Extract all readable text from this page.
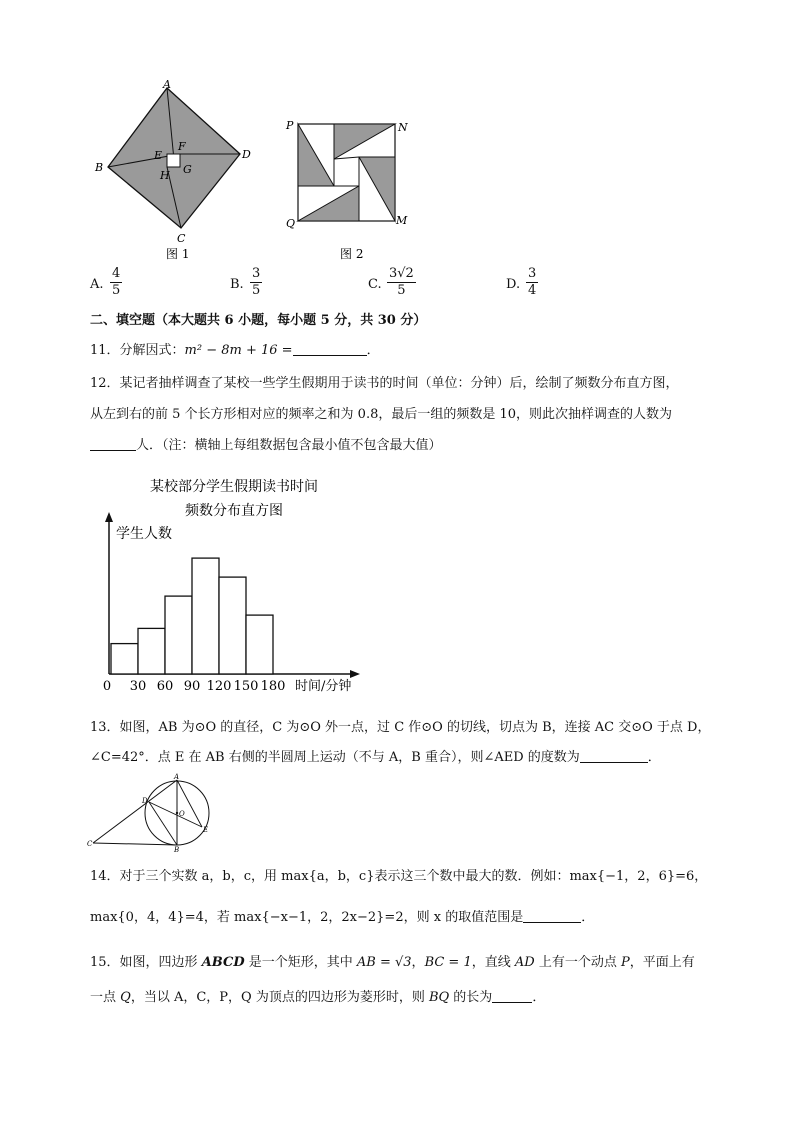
A
B
C
D
E
F
G
H
图 1
P	N
Q	M
图 2
A. $\frac{4}{5}$	B. $\frac{3}{5}$	C. $\frac{3√2}{5}$	D. $\frac{3}{4}$
二、填空题（本大题共 6 小题，每小题 5 分，共 30 分）
11．分解因式：m² − 8m + 16 =	．
12．某记者抽样调查了某校一些学生假期用于读书的时间（单位：分钟）后，绘制了频数分布直方图，
从左到右的前 5 个长方形相对应的频率之和为 0.8，最后一组的频数是 10，则此次抽样调查的人数为
人．（注：横轴上每组数据包含最小值不包含最大值）
某校部分学生假期读书时间
频数分布直方图
学生人数
时间/分钟
0 30 60 90 120 150 180
13．如图，AB 为⊙O 的直径，C 为⊙O 外一点，过 C 作⊙O 的切线，切点为 B，连接 AC 交⊙O 于点 D，
∠C=42°．点 E 在 AB 右侧的半圆周上运动（不与 A，B 重合），则∠AED 的度数为	．
A
D
O
E
C
B
14．对于三个实数 a，b，c，用 max{a，b，c}表示这三个数中最大的数．例如：max{−1，2，6}=6，
max{0，4，4}=4，若 max{−x−1，2，2x−2}=2，则 x 的取值范围是	．
15．如图，四边形 ABCD 是一个矩形，其中 AB = √3，BC = 1，直线 AD 上有一个动点 P，平面上有
一点 Q，当以 A，C，P，Q 为顶点的四边形为菱形时，则 BQ 的长为	．
